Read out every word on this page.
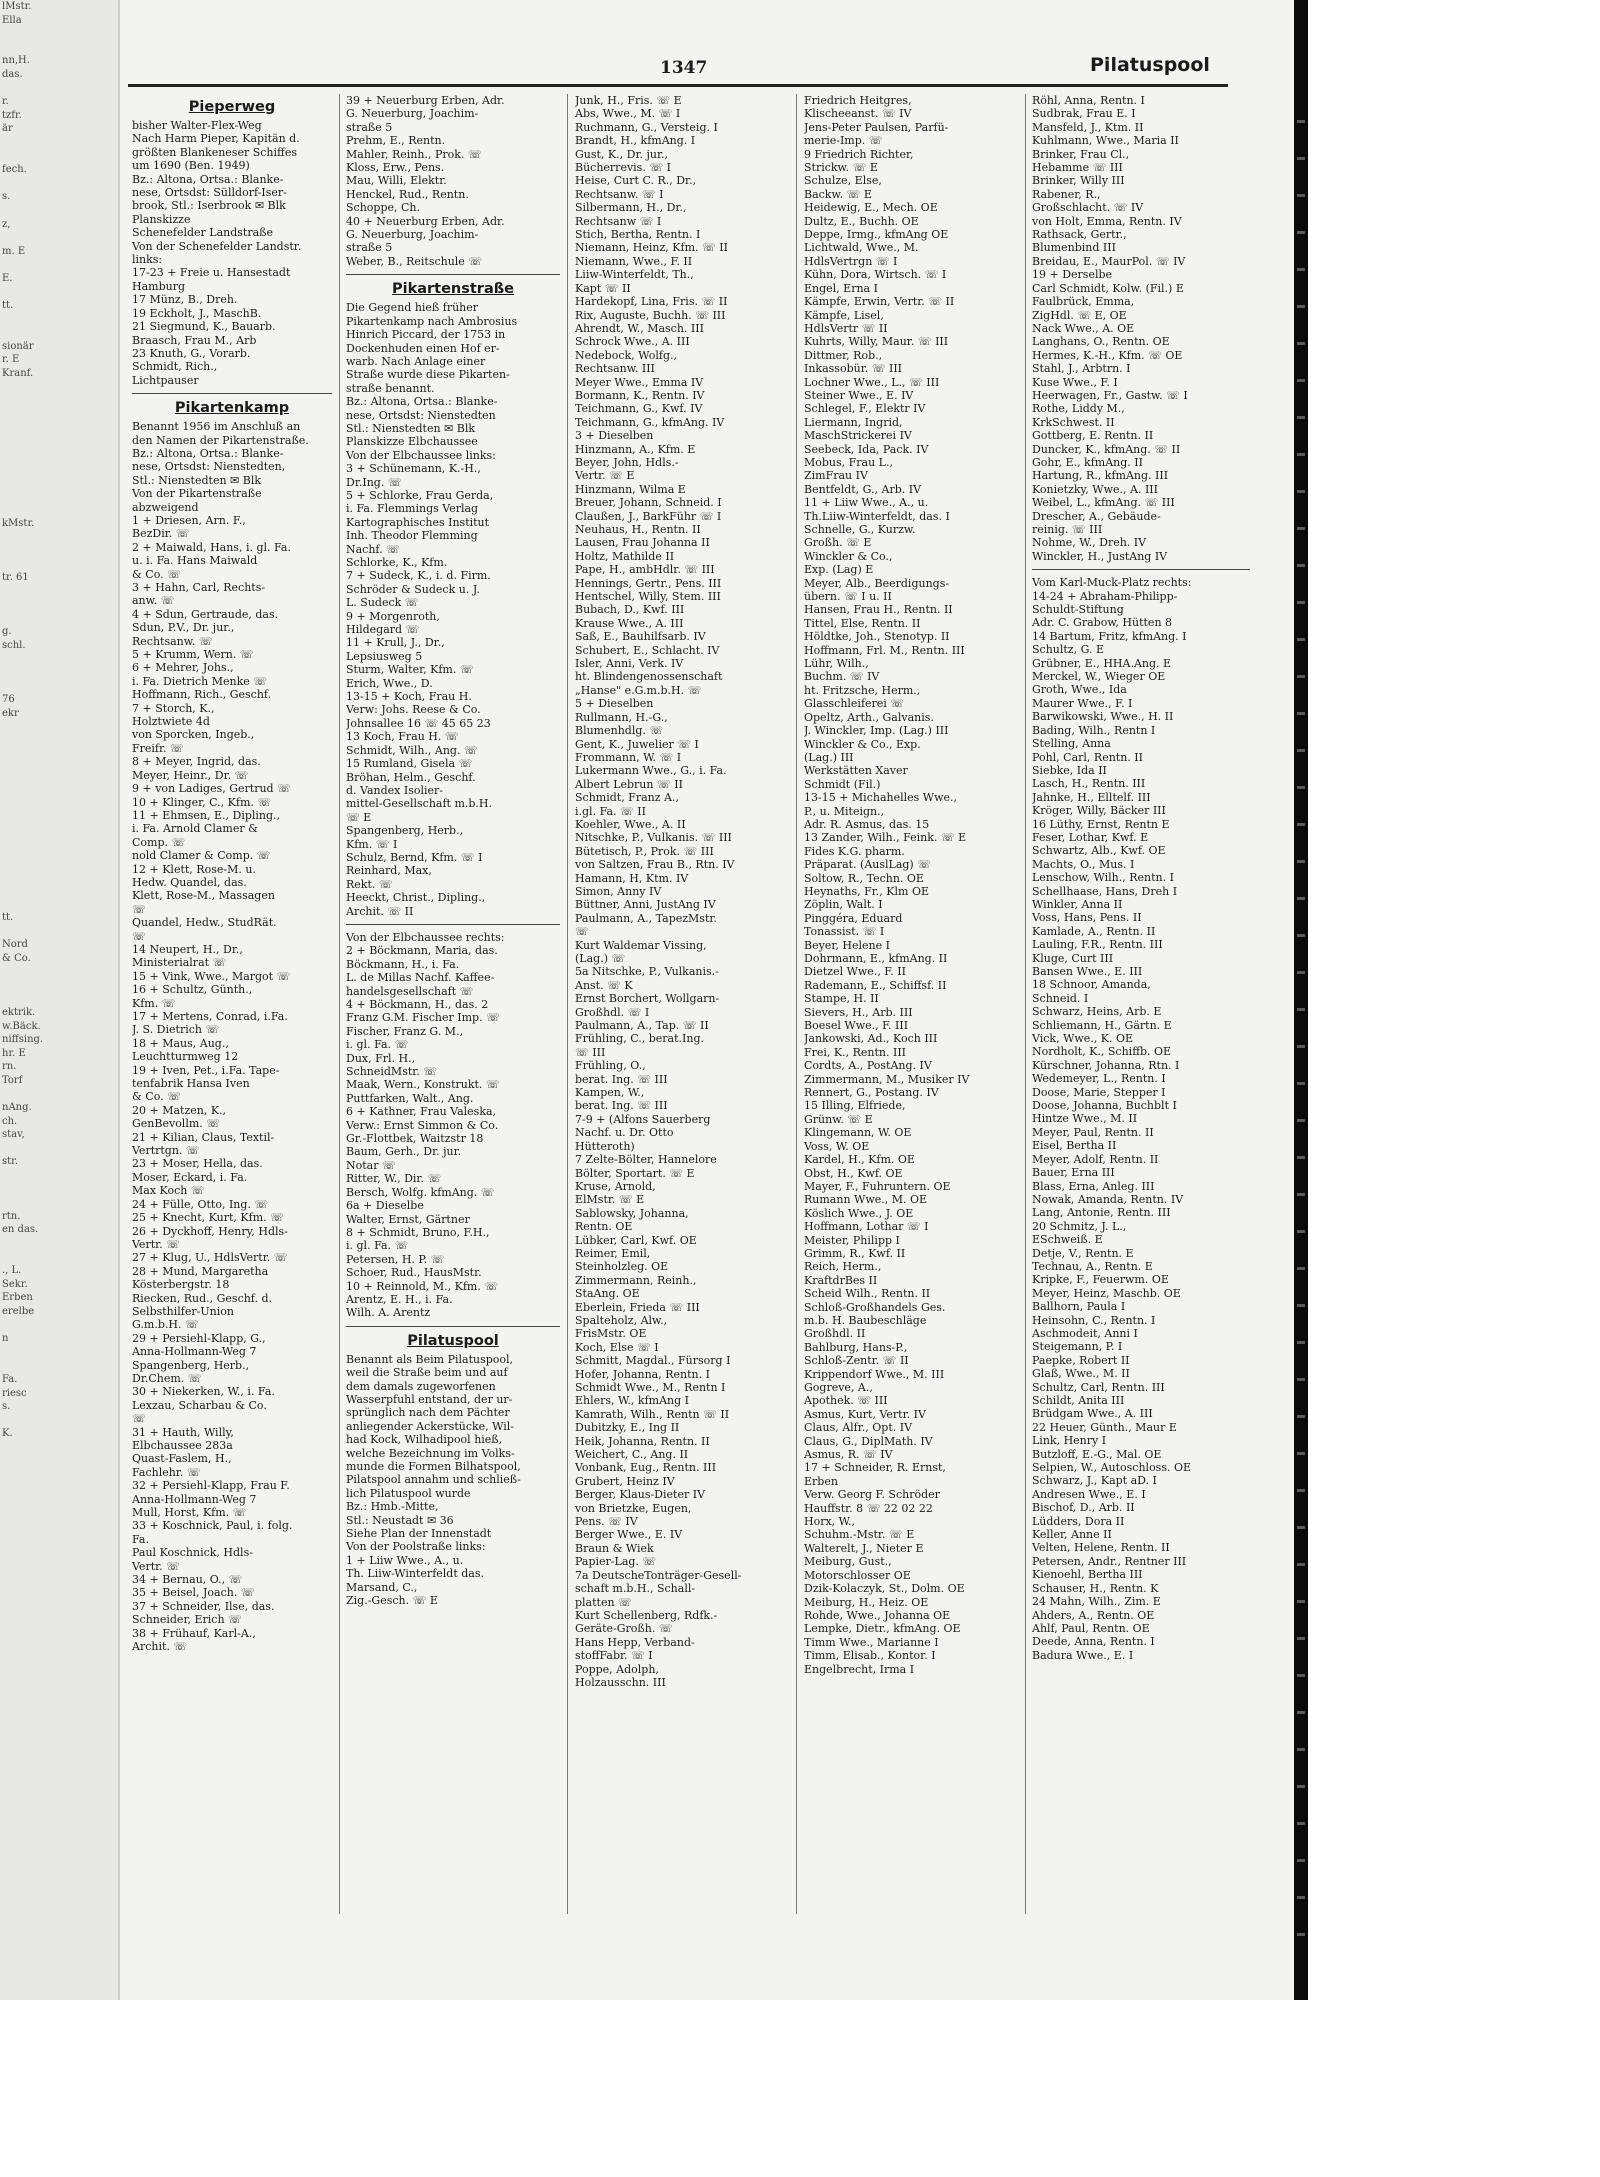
lMstr.
Ella
nn,H.
das.
r.
tzfr.
är
fech.
s.
z,
m. E
E.
tt.
sionär
r. E
Kranf.
kMstr.
tr. 61
g.
schl.
76
ekr
tt.
Nord
& Co.
ektrik.
w.Bäck.
niffsing.
hr. E
rn.
Torf
nAng.
ch.
stav,
str.
rtn.
en das.
., L.
Sekr.
Erben
erelbe
n
Fa.
riesc
s.
K.
1347	Pilatuspool
Pieperweg
bisher Walter-Flex-Weg
Nach Harm Pieper, Kapitän d.
größten Blankeneser Schiffes
um 1690 (Ben. 1949)
Bz.: Altona, Ortsa.: Blanke-
nese, Ortsdst: Sülldorf-Iser-
brook, Stl.: Iserbrook ✉ Blk
Planskizze
Schenefelder Landstraße
Von der Schenefelder Landstr.
links:
17-23 + Freie u. Hansestadt
Hamburg
17 Münz, B., Dreh.
19 Eckholt, J., MaschB.
21 Siegmund, K., Bauarb.
Braasch, Frau M., Arb
23 Knuth, G., Vorarb.
Schmidt, Rich.,
Lichtpauser
Pikartenkamp
Benannt 1956 im Anschluß an
den Namen der Pikartenstraße.
Bz.: Altona, Ortsa.: Blanke-
nese, Ortsdst: Nienstedten,
Stl.: Nienstedten ✉ Blk
Von der Pikartenstraße
abzweigend
1 + Driesen, Arn. F.,
BezDir. ☏
2 + Maiwald, Hans, i. gl. Fa.
u. i. Fa. Hans Maiwald
& Co. ☏
3 + Hahn, Carl, Rechts-
anw. ☏
4 + Sdun, Gertraude, das.
Sdun, P.V., Dr. jur.,
Rechtsanw. ☏
5 + Krumm, Wern. ☏
6 + Mehrer, Johs.,
i. Fa. Dietrich Menke ☏
Hoffmann, Rich., Geschf.
7 + Storch, K.,
Holztwiete 4d
von Sporcken, Ingeb.,
Freifr. ☏
8 + Meyer, Ingrid, das.
Meyer, Heinr., Dr. ☏
9 + von Ladiges, Gertrud ☏
10 + Klinger, C., Kfm. ☏
11 + Ehmsen, E., Dipling.,
i. Fa. Arnold Clamer &
Comp. ☏
nold Clamer & Comp. ☏
12 + Klett, Rose-M. u.
Hedw. Quandel, das.
Klett, Rose-M., Massagen
☏
Quandel, Hedw., StudRät.
☏
14 Neupert, H., Dr.,
Ministerialrat ☏
15 + Vink, Wwe., Margot ☏
16 + Schultz, Günth.,
Kfm. ☏
17 + Mertens, Conrad, i.Fa.
J. S. Dietrich ☏
18 + Maus, Aug.,
Leuchtturmweg 12
19 + Iven, Pet., i.Fa. Tape-
tenfabrik Hansa Iven
& Co. ☏
20 + Matzen, K.,
GenBevollm. ☏
21 + Kilian, Claus, Textil-
Vertrtgn. ☏
23 + Moser, Hella, das.
Moser, Eckard, i. Fa.
Max Koch ☏
24 + Fülle, Otto, Ing. ☏
25 + Knecht, Kurt, Kfm. ☏
26 + Dyckhoff, Henry, Hdls-
Vertr. ☏
27 + Klug, U., HdlsVertr. ☏
28 + Mund, Margaretha
Kösterbergstr. 18
Riecken, Rud., Geschf. d.
Selbsthilfer-Union
G.m.b.H. ☏
29 + Persiehl-Klapp, G.,
Anna-Hollmann-Weg 7
Spangenberg, Herb.,
Dr.Chem. ☏
30 + Niekerken, W., i. Fa.
Lexzau, Scharbau & Co.
☏
31 + Hauth, Willy,
Elbchaussee 283a
Quast-Faslem, H.,
Fachlehr. ☏
32 + Persiehl-Klapp, Frau F.
Anna-Hollmann-Weg 7
Mull, Horst, Kfm. ☏
33 + Koschnick, Paul, i. folg.
Fa.
Paul Koschnick, Hdls-
Vertr. ☏
34 + Bernau, O., ☏
35 + Beisel, Joach. ☏
37 + Schneider, Ilse, das.
Schneider, Erich ☏
38 + Frühauf, Karl-A.,
Archit. ☏
39 + Neuerburg Erben, Adr.
G. Neuerburg, Joachim-
straße 5
Prehm, E., Rentn.
Mahler, Reinh., Prok. ☏
Kloss, Erw., Pens.
Mau, Willi, Elektr.
Henckel, Rud., Rentn.
Schoppe, Ch.
40 + Neuerburg Erben, Adr.
G. Neuerburg, Joachim-
straße 5
Weber, B., Reitschule ☏
Pikartenstraße
Die Gegend hieß früher
Pikartenkamp nach Ambrosius
Hinrich Piccard, der 1753 in
Dockenhuden einen Hof er-
warb. Nach Anlage einer
Straße wurde diese Pikarten-
straße benannt.
Bz.: Altona, Ortsa.: Blanke-
nese, Ortsdst: Nienstedten
Stl.: Nienstedten ✉ Blk
Planskizze Elbchaussee
Von der Elbchaussee links:
3 + Schünemann, K.-H.,
Dr.Ing. ☏
5 + Schlorke, Frau Gerda,
i. Fa. Flemmings Verlag
Kartographisches Institut
Inh. Theodor Flemming
Nachf. ☏
Schlorke, K., Kfm.
7 + Sudeck, K., i. d. Firm.
Schröder & Sudeck u. J.
L. Sudeck ☏
9 + Morgenroth,
Hildegard ☏
11 + Krull, J., Dr.,
Lepsiusweg 5
Sturm, Walter, Kfm. ☏
Erich, Wwe., D.
13-15 + Koch, Frau H.
Verw: Johs. Reese & Co.
Johnsallee 16 ☏ 45 65 23
13 Koch, Frau H. ☏
Schmidt, Wilh., Ang. ☏
15 Rumland, Gisela ☏
Bröhan, Helm., Geschf.
d. Vandex Isolier-
mittel-Gesellschaft m.b.H.
☏ E
Spangenberg, Herb.,
Kfm. ☏ I
Schulz, Bernd, Kfm. ☏ I
Reinhard, Max,
Rekt. ☏
Heeckt, Christ., Dipling.,
Archit. ☏ II
Von der Elbchaussee rechts:
2 + Böckmann, Maria, das.
Böckmann, H., i. Fa.
L. de Millas Nachf. Kaffee-
handelsgesellschaft ☏
4 + Böckmann, H., das. 2
Franz G.M. Fischer Imp. ☏
Fischer, Franz G. M.,
i. gl. Fa. ☏
Dux, Frl. H.,
SchneidMstr. ☏
Maak, Wern., Konstrukt. ☏
Puttfarken, Walt., Ang.
6 + Kathner, Frau Valeska,
Verw.: Ernst Simmon & Co.
Gr.-Flottbek, Waitzstr 18
Baum, Gerh., Dr. jur.
Notar ☏
Ritter, W., Dir. ☏
Bersch, Wolfg. kfmAng. ☏
6a + Dieselbe
Walter, Ernst, Gärtner
8 + Schmidt, Bruno, F.H.,
i. gl. Fa. ☏
Petersen, H. P. ☏
Schoer, Rud., HausMstr.
10 + Reinnold, M., Kfm. ☏
Arentz, E. H., i. Fa.
Wilh. A. Arentz
Pilatuspool
Benannt als Beim Pilatuspool,
weil die Straße beim und auf
dem damals zugeworfenen
Wasserpfuhl entstand, der ur-
sprünglich nach dem Pächter
anliegender Ackerstücke, Wil-
had Kock, Wilhadipool hieß,
welche Bezeichnung im Volks-
munde die Formen Bilhatspool,
Pilatspool annahm und schließ-
lich Pilatuspool wurde
Bz.: Hmb.-Mitte,
Stl.: Neustadt ✉ 36
Siehe Plan der Innenstadt
Von der Poolstraße links:
1 + Liiw Wwe., A., u.
Th. Liiw-Winterfeldt das.
Marsand, C.,
Zig.-Gesch. ☏ E
Junk, H., Fris. ☏ E
Abs, Wwe., M. ☏ I
Ruchmann, G., Versteig. I
Brandt, H., kfmAng. I
Gust, K., Dr. jur.,
Bücherrevis. ☏ I
Heise, Curt C. R., Dr.,
Rechtsanw. ☏ I
Silbermann, H., Dr.,
Rechtsanw ☏ I
Stich, Bertha, Rentn. I
Niemann, Heinz, Kfm. ☏ II
Niemann, Wwe., F. II
Liiw-Winterfeldt, Th.,
Kapt ☏ II
Hardekopf, Lina, Fris. ☏ II
Rix, Auguste, Buchh. ☏ III
Ahrendt, W., Masch. III
Schrock Wwe., A. III
Nedebock, Wolfg.,
Rechtsanw. III
Meyer Wwe., Emma IV
Bormann, K., Rentn. IV
Teichmann, G., Kwf. IV
Teichmann, G., kfmAng. IV
3 + Dieselben
Hinzmann, A., Kfm. E
Beyer, John, Hdls.-
Vertr. ☏ E
Hinzmann, Wilma E
Breuer, Johann, Schneid. I
Claußen, J., BarkFühr ☏ I
Neuhaus, H., Rentn. II
Lausen, Frau Johanna II
Holtz, Mathilde II
Pape, H., ambHdlr. ☏ III
Hennings, Gertr., Pens. III
Hentschel, Willy, Stem. III
Bubach, D., Kwf. III
Krause Wwe., A. III
Saß, E., Bauhilfsarb. IV
Schubert, E., Schlacht. IV
Isler, Anni, Verk. IV
ht. Blindengenossenschaft
„Hanse" e.G.m.b.H. ☏
5 + Dieselben
Rullmann, H.-G.,
Blumenhdlg. ☏
Gent, K., Juwelier ☏ I
Frommann, W. ☏ I
Lukermann Wwe., G., i. Fa.
Albert Lebrun ☏ II
Schmidt, Franz A.,
i.gl. Fa. ☏ II
Koehler, Wwe., A. II
Nitschke, P., Vulkanis. ☏ III
Bütetisch, P., Prok. ☏ III
von Saltzen, Frau B., Rtn. IV
Hamann, H, Ktm. IV
Simon, Anny IV
Büttner, Anni, JustAng IV
Paulmann, A., TapezMstr.
☏
Kurt Waldemar Vissing,
(Lag.) ☏
5a Nitschke, P., Vulkanis.-
Anst. ☏ K
Ernst Borchert, Wollgarn-
Großhdl. ☏ I
Paulmann, A., Tap. ☏ II
Frühling, C., berat.Ing.
☏ III
Frühling, O.,
berat. Ing. ☏ III
Kampen, W.,
berat. Ing. ☏ III
7-9 + (Alfons Sauerberg
Nachf. u. Dr. Otto
Hütteroth)
7 Zelte-Bölter, Hannelore
Bölter, Sportart. ☏ E
Kruse, Arnold,
ElMstr. ☏ E
Sablowsky, Johanna,
Rentn. OE
Lübker, Carl, Kwf. OE
Reimer, Emil,
Steinholzleg. OE
Zimmermann, Reinh.,
StaAng. OE
Eberlein, Frieda ☏ III
Spalteholz, Alw.,
FrisMstr. OE
Koch, Else ☏ I
Schmitt, Magdal., Fürsorg I
Hofer, Johanna, Rentn. I
Schmidt Wwe., M., Rentn I
Ehlers, W., kfmAng I
Kamrath, Wilh., Rentn ☏ II
Dubitzky, E., Ing II
Heik, Johanna, Rentn. II
Weichert, C., Ang. II
Vonbank, Eug., Rentn. III
Grubert, Heinz IV
Berger, Klaus-Dieter IV
von Brietzke, Eugen,
Pens. ☏ IV
Berger Wwe., E. IV
Braun & Wiek
Papier-Lag. ☏
7a DeutscheTonträger-Gesell-
schaft m.b.H., Schall-
platten ☏
Kurt Schellenberg, Rdfk.-
Geräte-Großh. ☏
Hans Hepp, Verband-
stoffFabr. ☏ I
Poppe, Adolph,
Holzausschn. III
Friedrich Heitgres,
Klischeeanst. ☏ IV
Jens-Peter Paulsen, Parfü-
merie-Imp. ☏
9 Friedrich Richter,
Strickw. ☏ E
Schulze, Else,
Backw. ☏ E
Heidewig, E., Mech. OE
Dultz, E., Buchh. OE
Deppe, Irmg., kfmAng OE
Lichtwald, Wwe., M.
HdlsVertrgn ☏ I
Kühn, Dora, Wirtsch. ☏ I
Engel, Erna I
Kämpfe, Erwin, Vertr. ☏ II
Kämpfe, Lisel,
HdlsVertr ☏ II
Kuhrts, Willy, Maur. ☏ III
Dittmer, Rob.,
Inkassobür. ☏ III
Lochner Wwe., L., ☏ III
Steiner Wwe., E. IV
Schlegel, F., Elektr IV
Liermann, Ingrid,
MaschStrickerei IV
Seebeck, Ida, Pack. IV
Mobus, Frau L.,
ZimFrau IV
Bentfeldt, G., Arb. IV
11 + Liiw Wwe., A., u.
Th.Liiw-Winterfeldt, das. I
Schnelle, G., Kurzw.
Großh. ☏ E
Winckler & Co.,
Exp. (Lag) E
Meyer, Alb., Beerdigungs-
übern. ☏ I u. II
Hansen, Frau H., Rentn. II
Tittel, Else, Rentn. II
Höldtke, Joh., Stenotyp. II
Hoffmann, Frl. M., Rentn. III
Lühr, Wilh.,
Buchm. ☏ IV
ht. Fritzsche, Herm.,
Glasschleiferei ☏
Opeltz, Arth., Galvanis.
J. Winckler, Imp. (Lag.) III
Winckler & Co., Exp.
(Lag.) III
Werkstätten Xaver
Schmidt (Fil.)
13-15 + Michahelles Wwe.,
P., u. Miteign.,
Adr. R. Asmus, das. 15
13 Zander, Wilh., Feink. ☏ E
Fides K.G. pharm.
Präparat. (AuslLag) ☏
Soltow, R., Techn. OE
Heynaths, Fr., Klm OE
Zöplin, Walt. I
Pinggéra, Eduard
Tonassist. ☏ I
Beyer, Helene I
Dohrmann, E., kfmAng. II
Dietzel Wwe., F. II
Rademann, E., Schiffsf. II
Stampe, H. II
Sievers, H., Arb. III
Boesel Wwe., F. III
Jankowski, Ad., Koch III
Frei, K., Rentn. III
Cordts, A., PostAng. IV
Zimmermann, M., Musiker IV
Rennert, G., Postang. IV
15 Illing, Elfriede,
Grünw. ☏ E
Klingemann, W. OE
Voss, W. OE
Kardel, H., Kfm. OE
Obst, H., Kwf. OE
Mayer, F., Fuhruntern. OE
Rumann Wwe., M. OE
Köslich Wwe., J. OE
Hoffmann, Lothar ☏ I
Meister, Philipp I
Grimm, R., Kwf. II
Reich, Herm.,
KraftdrBes II
Scheid Wilh., Rentn. II
Schloß-Großhandels Ges.
m.b. H. Baubeschläge
Großhdl. II
Bahlburg, Hans-P.,
Schloß-Zentr. ☏ II
Krippendorf Wwe., M. III
Gogreve, A.,
Apothek. ☏ III
Asmus, Kurt, Vertr. IV
Claus, Alfr., Opt. IV
Claus, G., DiplMath. IV
Asmus, R. ☏ IV
17 + Schneider, R. Ernst,
Erben
Verw. Georg F. Schröder
Hauffstr. 8 ☏ 22 02 22
Horx, W.,
Schuhm.-Mstr. ☏ E
Walterelt, J., Nieter E
Meiburg, Gust.,
Motorschlosser OE
Dzik-Kolaczyk, St., Dolm. OE
Meiburg, H., Heiz. OE
Rohde, Wwe., Johanna OE
Lempke, Dietr., kfmAng. OE
Timm Wwe., Marianne I
Timm, Elisab., Kontor. I
Engelbrecht, Irma I
Röhl, Anna, Rentn. I
Sudbrak, Frau E. I
Mansfeld, J., Ktm. II
Kuhlmann, Wwe., Maria II
Brinker, Frau Cl.,
Hebamme ☏ III
Brinker, Willy III
Rabener, R.,
Großschlacht. ☏ IV
von Holt, Emma, Rentn. IV
Rathsack, Gertr.,
Blumenbind III
Breidau, E., MaurPol. ☏ IV
19 + Derselbe
Carl Schmidt, Kolw. (Fil.) E
Faulbrück, Emma,
ZigHdl. ☏ E, OE
Nack Wwe., A. OE
Langhans, O., Rentn. OE
Hermes, K.-H., Kfm. ☏ OE
Stahl, J., Arbtrn. I
Kuse Wwe., F. I
Heerwagen, Fr., Gastw. ☏ I
Rothe, Liddy M.,
KrkSchwest. II
Gottberg, E. Rentn. II
Duncker, K., kfmAng. ☏ II
Gohr, E., kfmAng. II
Hartung, R., kfmAng. III
Konietzky, Wwe., A. III
Weibel, L., kfmAng. ☏ III
Drescher, A., Gebäude-
reinig. ☏ III
Nohme, W., Dreh. IV
Winckler, H., JustAng IV
Vom Karl-Muck-Platz rechts:
14-24 + Abraham-Philipp-
Schuldt-Stiftung
Adr. C. Grabow, Hütten 8
14 Bartum, Fritz, kfmAng. I
Schultz, G. E
Grübner, E., HHA.Ang. E
Merckel, W., Wieger OE
Groth, Wwe., Ida
Maurer Wwe., F. I
Barwikowski, Wwe., H. II
Bading, Wilh., Rentn I
Stelling, Anna
Pohl, Carl, Rentn. II
Siebke, Ida II
Lasch, H., Rentn. III
Jahnke, H., Elltelf. III
Kröger, Willy, Bäcker III
16 Lüthy, Ernst, Rentn E
Feser, Lothar, Kwf. E
Schwartz, Alb., Kwf. OE
Machts, O., Mus. I
Lenschow, Wilh., Rentn. I
Schellhaase, Hans, Dreh I
Winkler, Anna II
Voss, Hans, Pens. II
Kamlade, A., Rentn. II
Lauling, F.R., Rentn. III
Kluge, Curt III
Bansen Wwe., E. III
18 Schnoor, Amanda,
Schneid. I
Schwarz, Heins, Arb. E
Schliemann, H., Gärtn. E
Vick, Wwe., K. OE
Nordholt, K., Schiffb. OE
Kürschner, Johanna, Rtn. I
Wedemeyer, L., Rentn. I
Doose, Marie, Stepper I
Doose, Johanna, Buchblt I
Hintze Wwe., M. II
Meyer, Paul, Rentn. II
Eisel, Bertha II
Meyer, Adolf, Rentn. II
Bauer, Erna III
Blass, Erna, Anleg. III
Nowak, Amanda, Rentn. IV
Lang, Antonie, Rentn. III
20 Schmitz, J. L.,
ESchweiß. E
Detje, V., Rentn. E
Technau, A., Rentn. E
Kripke, F., Feuerwm. OE
Meyer, Heinz, Maschb. OE
Ballhorn, Paula I
Heinsohn, C., Rentn. I
Aschmodeit, Anni I
Steigemann, P. I
Paepke, Robert II
Glaß, Wwe., M. II
Schultz, Carl, Rentn. III
Schildt, Anita III
Brüdgam Wwe., A. III
22 Heuer, Günth., Maur E
Link, Henry I
Butzloff, E.-G., Mal. OE
Selpien, W., Autoschloss. OE
Schwarz, J., Kapt aD. I
Andresen Wwe., E. I
Bischof, D., Arb. II
Lüdders, Dora II
Keller, Anne II
Velten, Helene, Rentn. II
Petersen, Andr., Rentner III
Kienoehl, Bertha III
Schauser, H., Rentn. K
24 Mahn, Wilh., Zim. E
Ahders, A., Rentn. OE
Ahlf, Paul, Rentn. OE
Deede, Anna, Rentn. I
Badura Wwe., E. I
